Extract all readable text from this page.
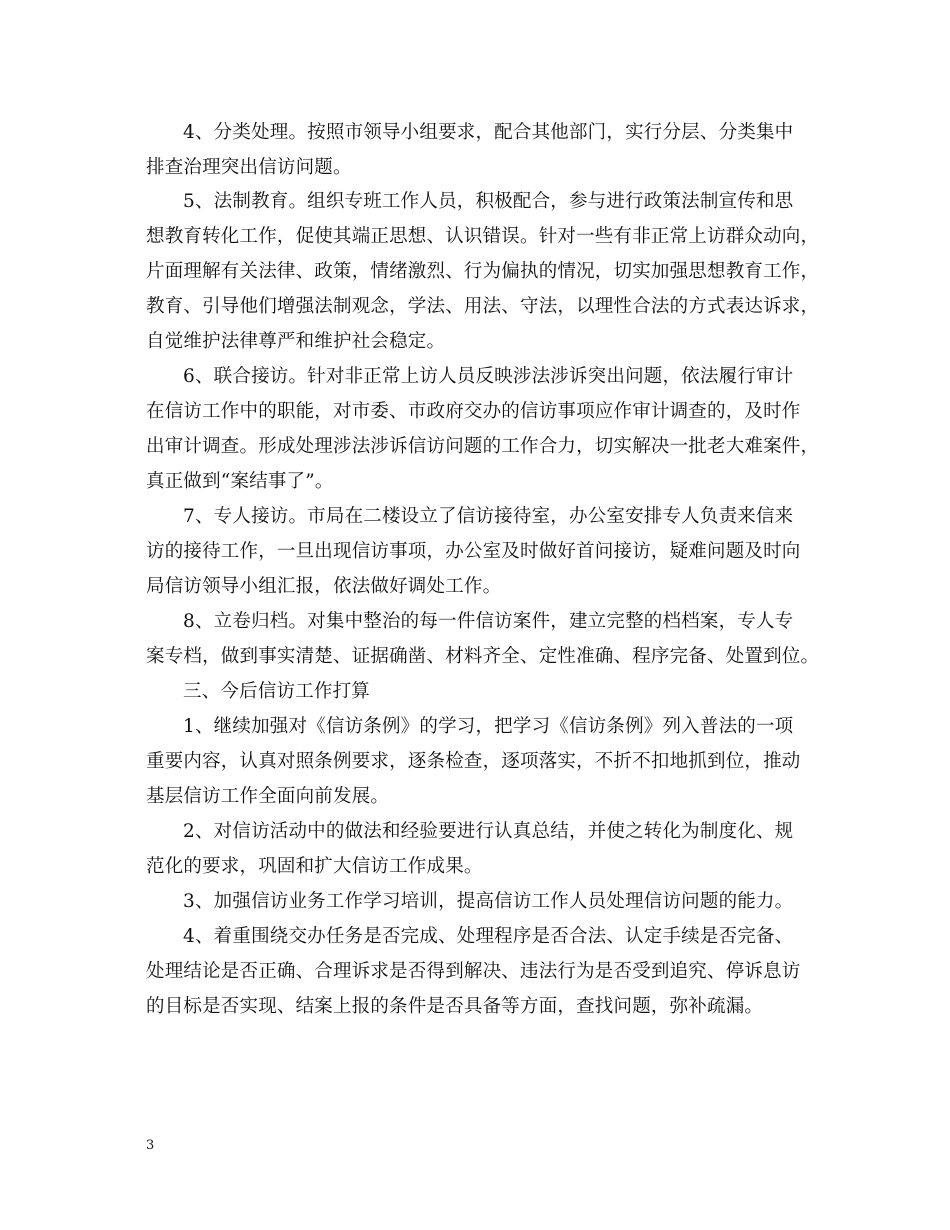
4、分类处理。按照市领导小组要求，配合其他部门，实行分层、分类集中
排查治理突出信访问题。
5、法制教育。组织专班工作人员，积极配合，参与进行政策法制宣传和思
想教育转化工作，促使其端正思想、认识错误。针对一些有非正常上访群众动向，
片面理解有关法律、政策，情绪激烈、行为偏执的情况，切实加强思想教育工作，
教育、引导他们增强法制观念，学法、用法、守法，以理性合法的方式表达诉求，
自觉维护法律尊严和维护社会稳定。
6、联合接访。针对非正常上访人员反映涉法涉诉突出问题，依法履行审计
在信访工作中的职能，对市委、市政府交办的信访事项应作审计调查的，及时作
出审计调查。形成处理涉法涉诉信访问题的工作合力，切实解决一批老大难案件，
真正做到“案结事了”。
7、专人接访。市局在二楼设立了信访接待室，办公室安排专人负责来信来
访的接待工作，一旦出现信访事项，办公室及时做好首问接访，疑难问题及时向
局信访领导小组汇报，依法做好调处工作。
8、立卷归档。对集中整治的每一件信访案件，建立完整的档档案，专人专
案专档，做到事实清楚、证据确凿、材料齐全、定性准确、程序完备、处置到位。
三、今后信访工作打算
1、继续加强对《信访条例》的学习，把学习《信访条例》列入普法的一项
重要内容，认真对照条例要求，逐条检查，逐项落实，不折不扣地抓到位，推动
基层信访工作全面向前发展。
2、对信访活动中的做法和经验要进行认真总结，并使之转化为制度化、规
范化的要求，巩固和扩大信访工作成果。
3、加强信访业务工作学习培训，提高信访工作人员处理信访问题的能力。
4、着重围绕交办任务是否完成、处理程序是否合法、认定手续是否完备、
处理结论是否正确、合理诉求是否得到解决、违法行为是否受到追究、停诉息访
的目标是否实现、结案上报的条件是否具备等方面，查找问题，弥补疏漏。
3
